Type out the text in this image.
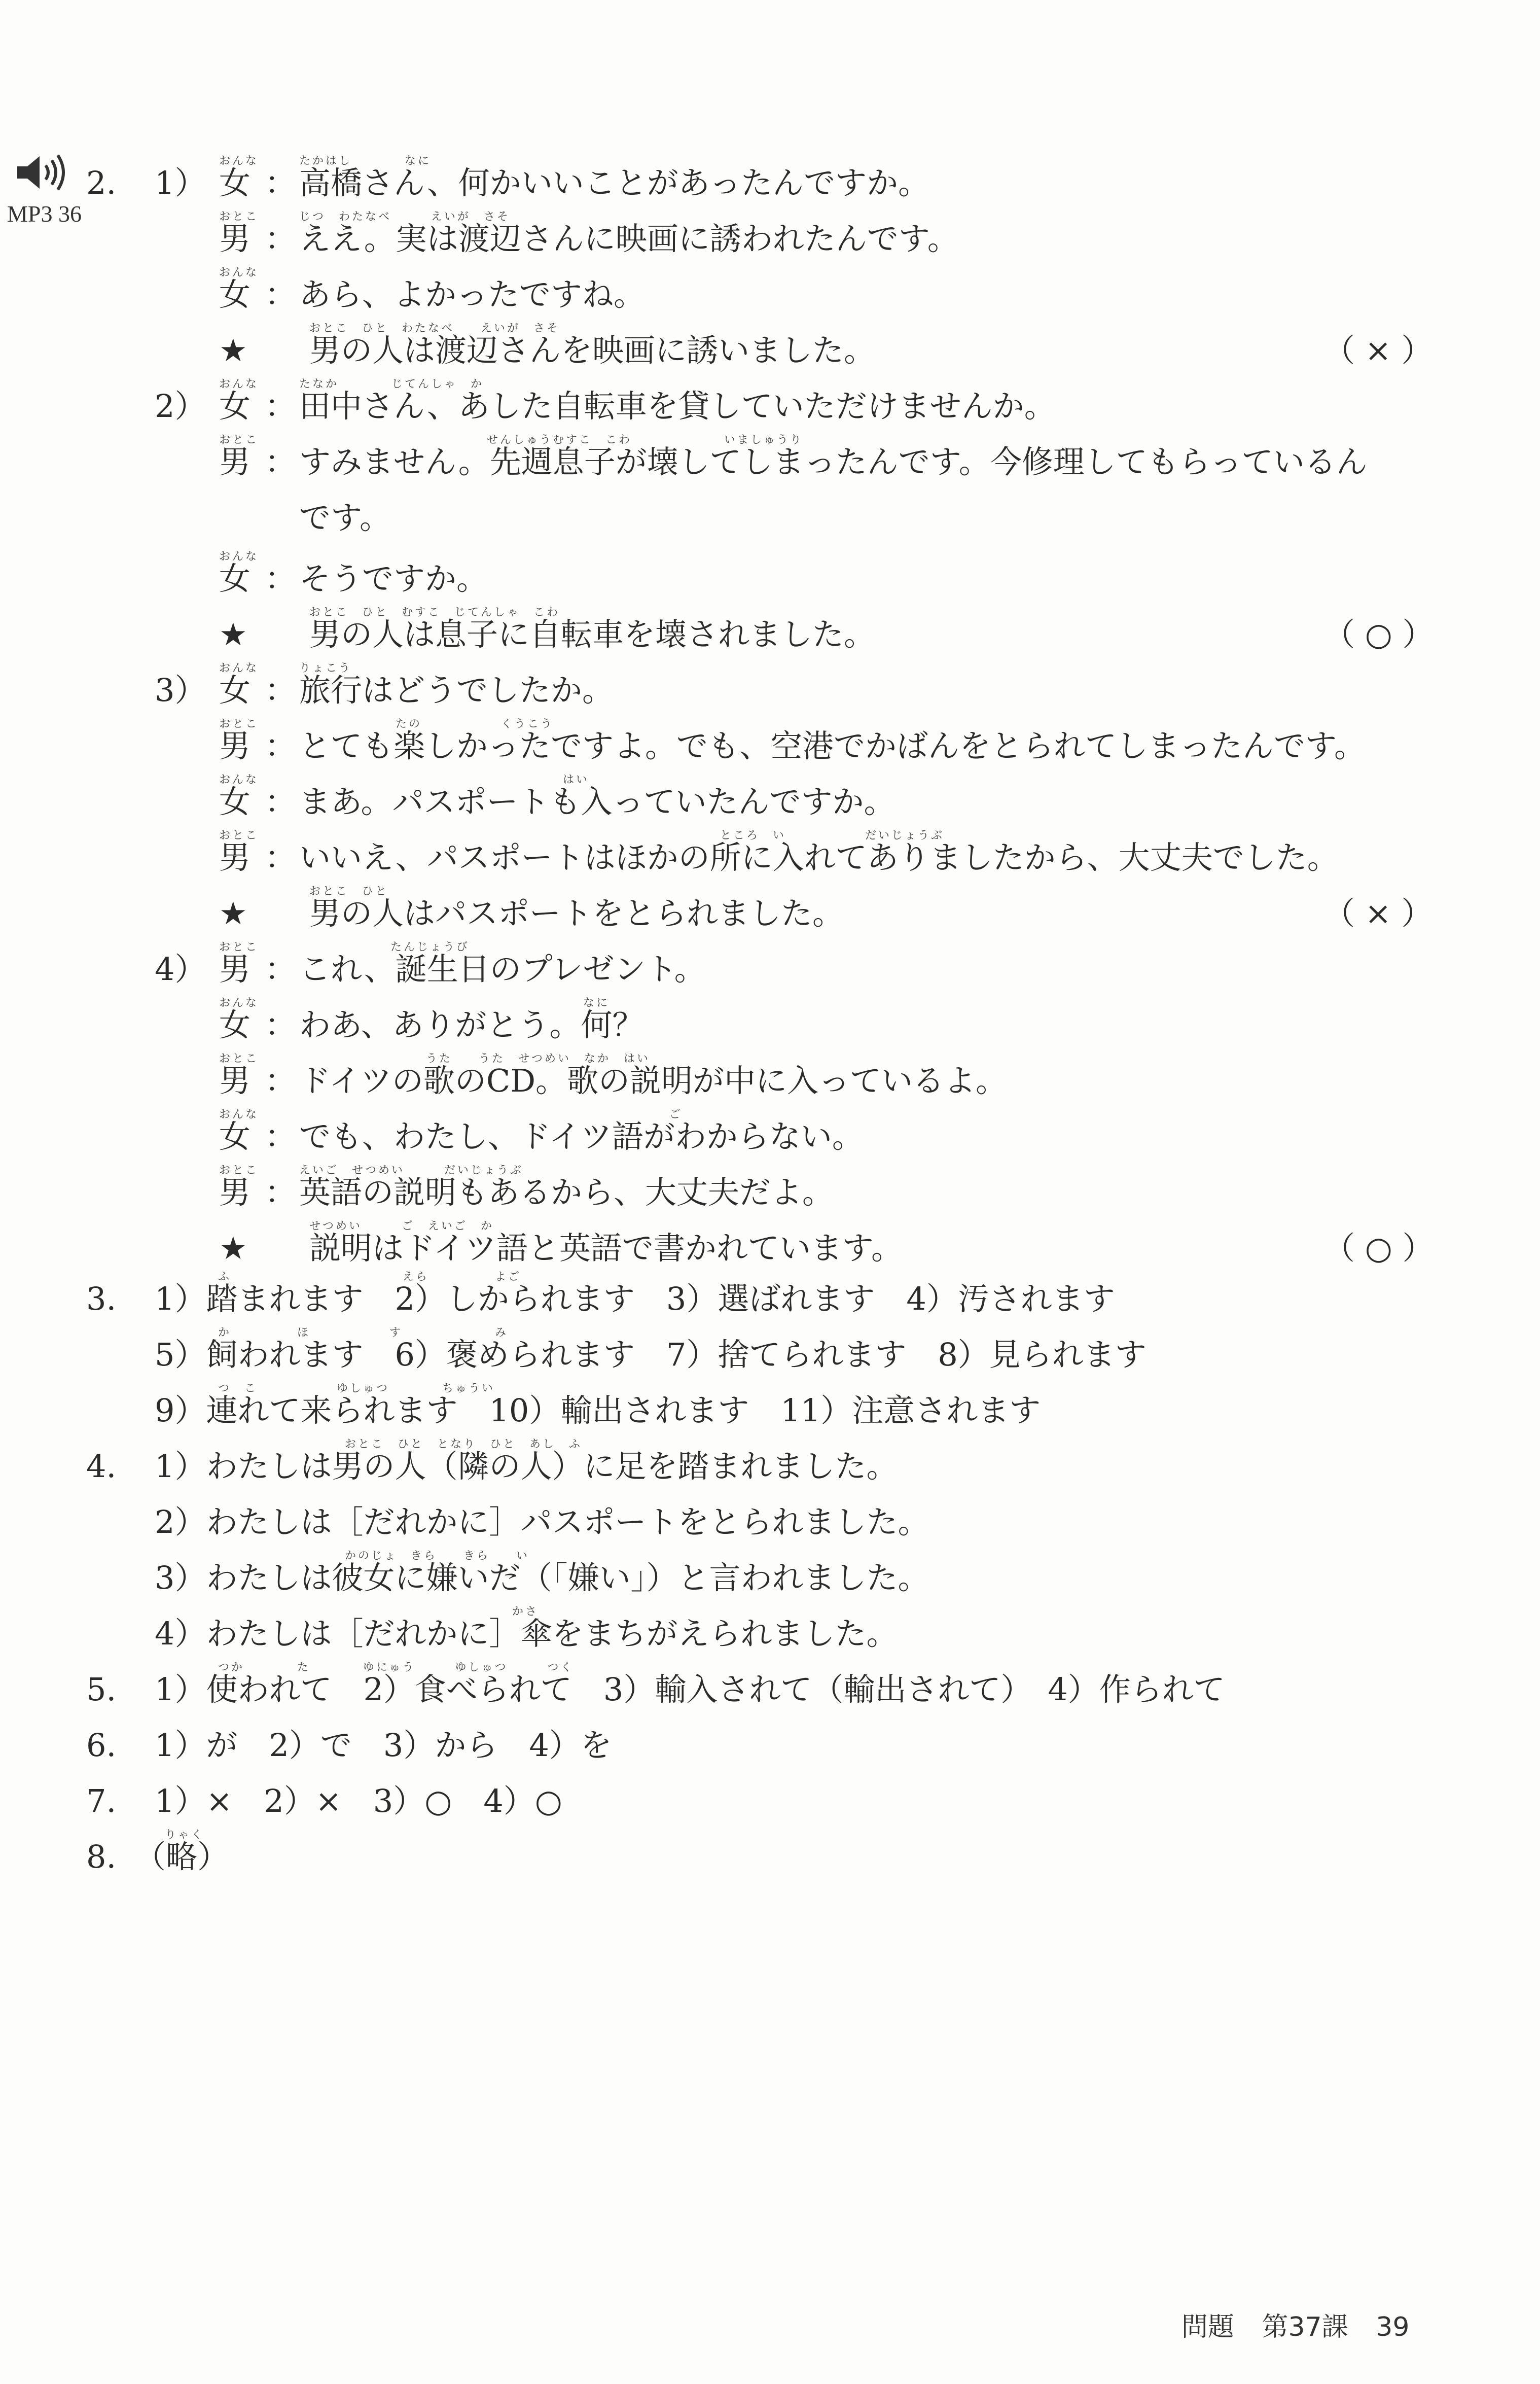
MP3 36
2. 1）
おんな
女 ：
たかはし　　　　なに
高橋さん、何かいいことがあったんですか。
おとこ
男 ：
じつ　わたなべ　　　えいが　さそ
ええ。実は渡辺さんに映画に誘われたんです。
おんな
女 ： あら、よかったですね。
★
おとこ　ひと　わたなべ　　えいが　さそ
男の人は渡辺さんを映画に誘いました。	（ × ）
2）
おんな
女 ：
たなか　　　　じてんしゃ　か
田中さん、あした自転車を貸していただけませんか。
おとこ
男 ：
せんしゅうむすこ　こわ　　　　　　　いましゅうり
すみません。先週息子が壊してしまったんです。今修理してもらっているん
です。
おんな
女 ： そうですか。
★
おとこ　ひと　むすこ　じてんしゃ　こわ
男の人は息子に自転車を壊されました。	（ ○ ）
3）
おんな
女 ：
りょこう
旅行はどうでしたか。
おとこ
男 ：
たの　　　　　　くうこう
とても楽しかったですよ。でも、空港でかばんをとられてしまったんです。
おんな
女 ：
はい
まあ。パスポートも入っていたんですか。
おとこ
男 ：
ところ　い　　　　　　だいじょうぶ
いいえ、パスポートはほかの所に入れてありましたから、大丈夫でした。
★
おとこ　ひと
男の人はパスポートをとられました。	（ × ）
4）
おとこ
男 ：
たんじょうび
これ、誕生日のプレゼント。
おんな
女 ：
なに
わあ、ありがとう。何？
おとこ
男 ：
うた　　うた　せつめい　なか　はい
ドイツの歌のCD。歌の説明が中に入っているよ。
おんな
女 ：
ご
でも、わたし、ドイツ語がわからない。
おとこ
男 ：
えいご　せつめい　　　だいじょうぶ
英語の説明もあるから、大丈夫だよ。
★
せつめい　　　ご　えいご　か
説明はドイツ語と英語で書かれています。	（ ○ ）
3.
ふ　　　　　　　　　　　　　えら　　　　　よご
1）踏まれます　2）しかられます　3）選ばれます　4）汚されます
か　　　　　ほ　　　　　　す　　　　　　　み
5）飼われます　6）褒められます　7）捨てられます　8）見られます
つ　こ　　　　　　ゆしゅつ　　　　ちゅうい
9）連れて来られます　10）輸出されます　11）注意されます
4.
おとこ　ひと　となり　ひと　あし　ふ
1）わたしは男の人（隣の人）に足を踏まれました。
2）わたしは［だれかに］パスポートをとられました。
かのじょ　きら　　きら　　い
3）わたしは彼女に嫌いだ（「嫌い」）と言われました。
かさ
4）わたしは［だれかに］傘をまちがえられました。
5.
つか　　　　た　　　　ゆにゅう　　　ゆしゅつ　　　つく
1）使われて　2）食べられて　3）輸入されて（輸出されて）　4）作られて
6. 1）が　2）で　3）から　4）を
7. 1）×　2）×　3）○　4）○
8.
りゃく
（略）
問題 第37課 39
